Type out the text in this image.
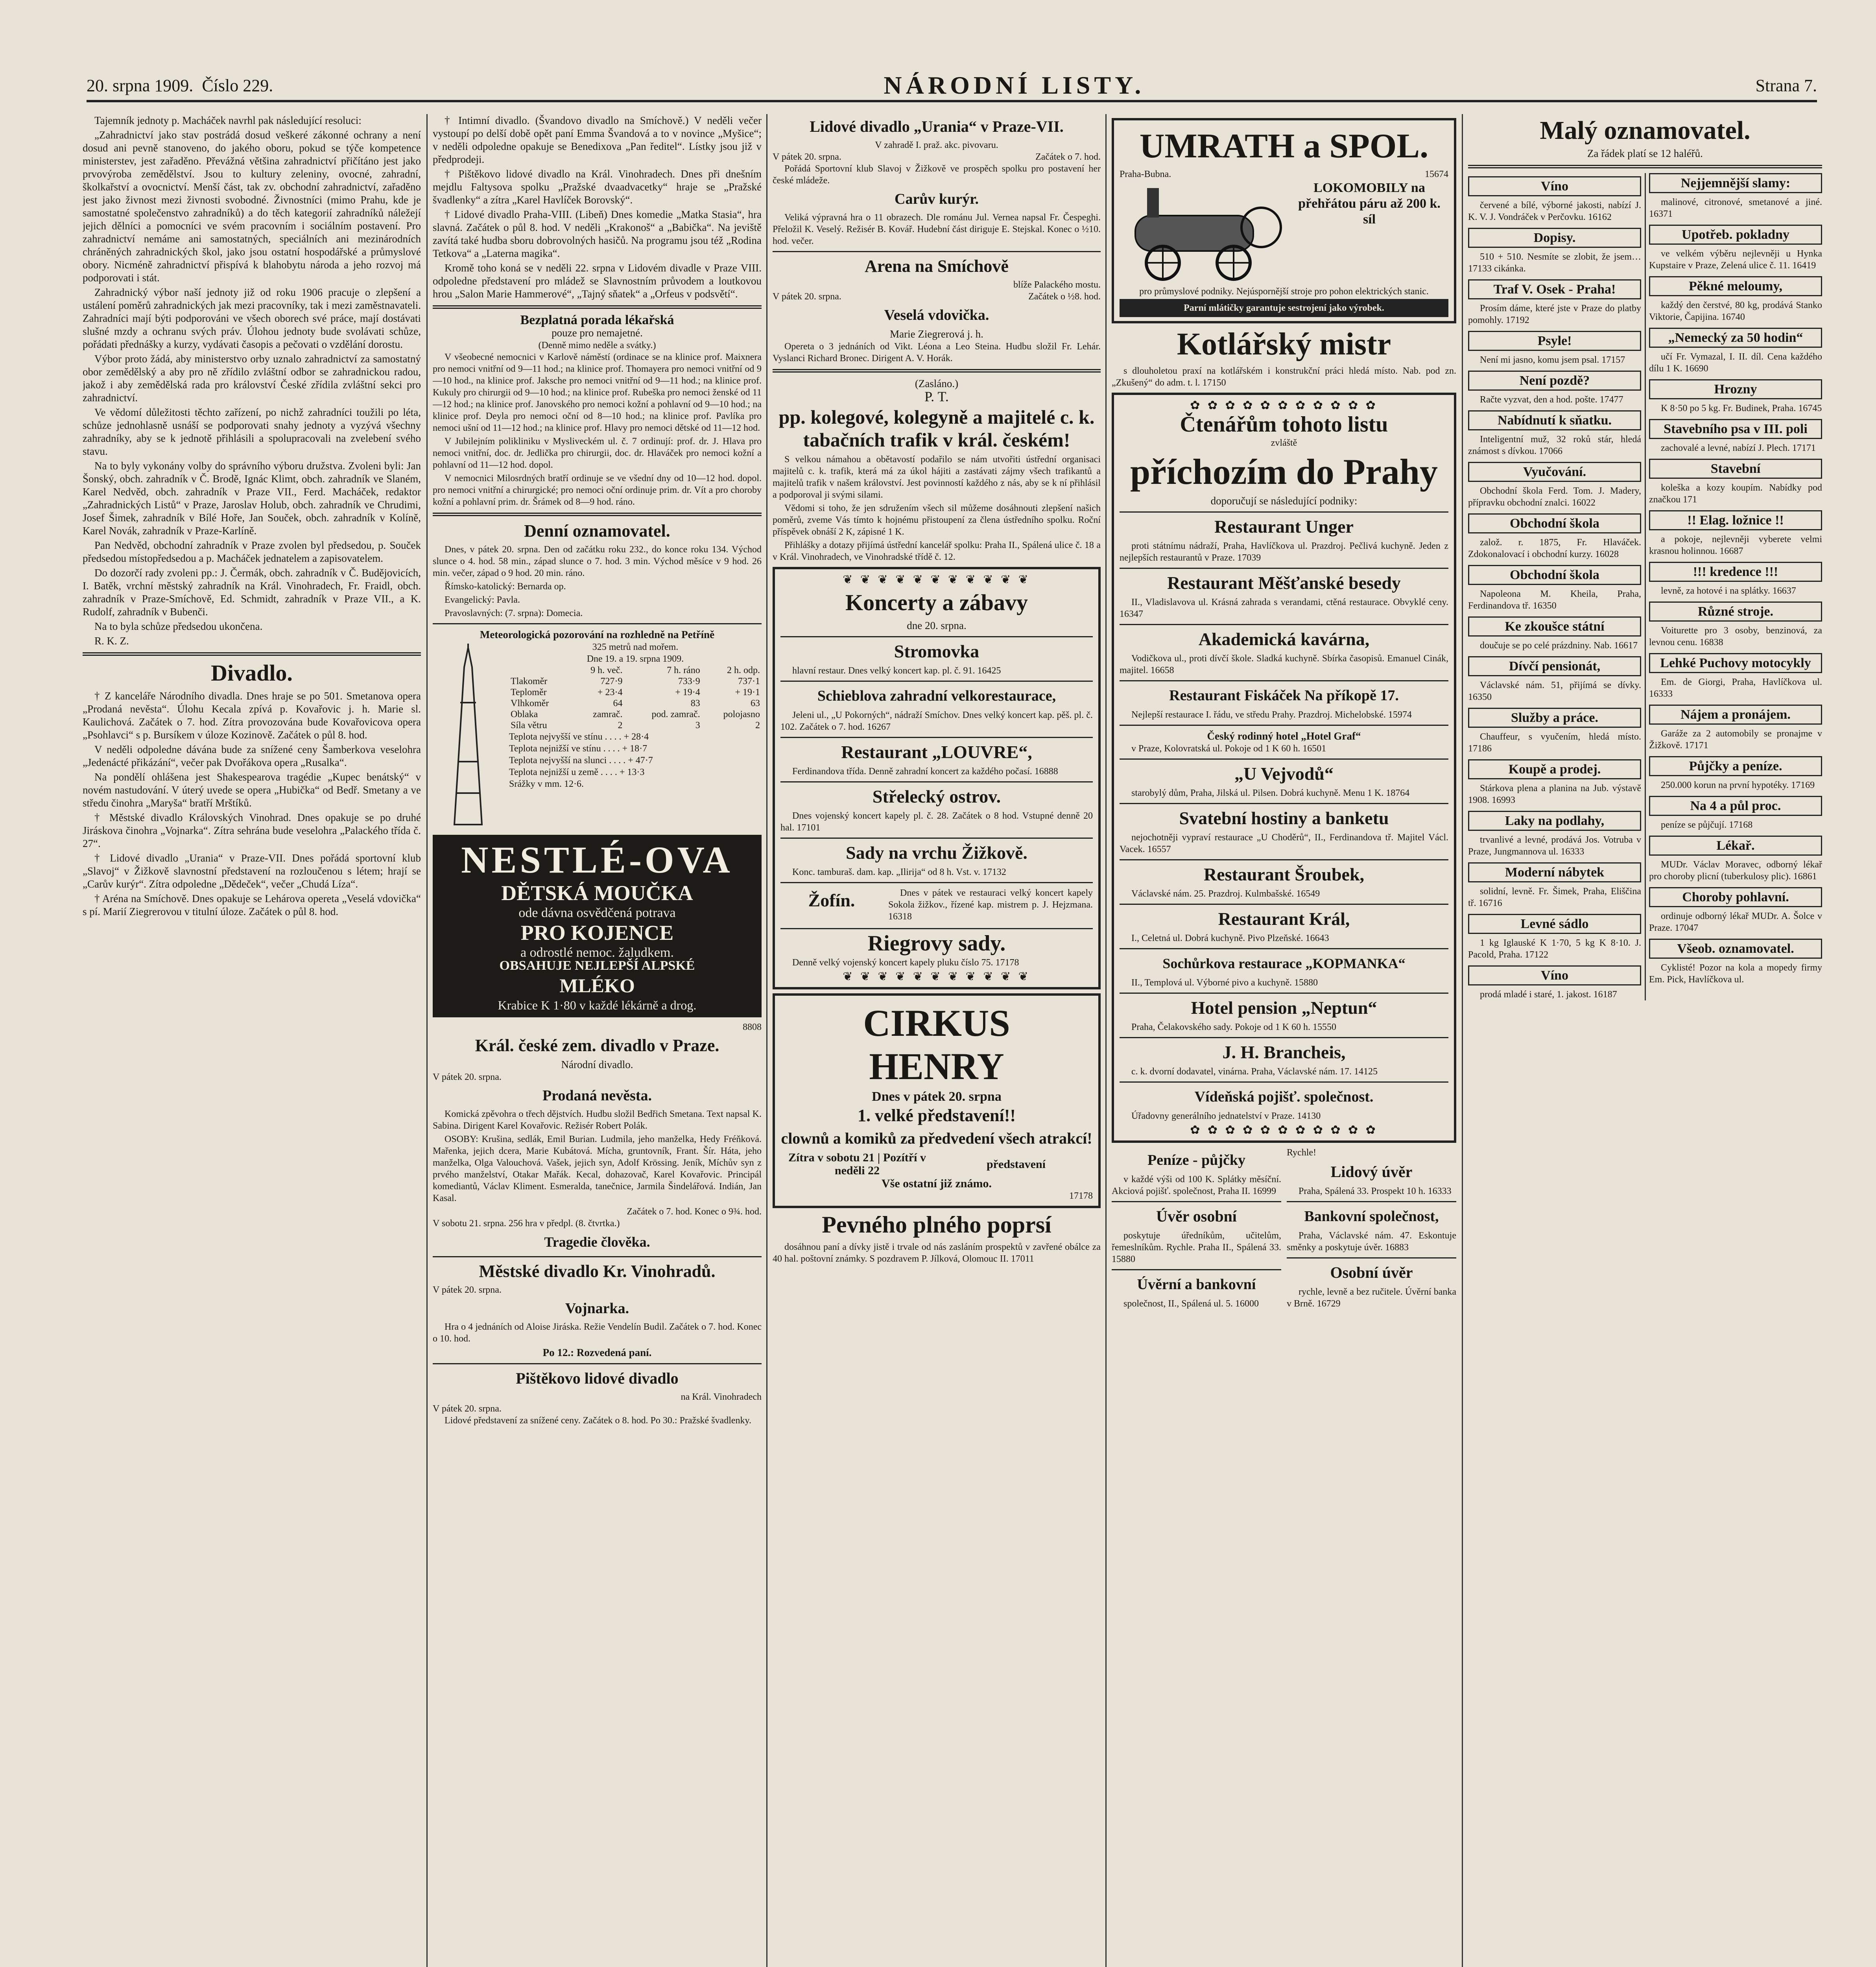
20. srpna 1909. Číslo 229.	NÁRODNÍ LISTY.	Strana 7.

Tajemník jednoty p. Macháček navrhl pak následující resoluci:

„Zahradnictví jako stav postrádá dosud veškeré zákonné ochrany a není dosud ani pevně stanoveno, do jakého oboru, pokud se týče kompetence ministerstev, jest zařaděno. Převážná většina zahradnictví přičítáno jest jako prvovýroba zemědělství. Jsou to kultury zeleniny, ovocné, zahradní, školkařství a ovocnictví. Menší část, tak zv. obchodní zahradnictví, zařaděno jest jako živnost mezi živnosti svobodné. Živnostníci (mimo Prahu, kde je samostatné společenstvo zahradníků) a do těch kategorií zahradníků náležejí jejich dělníci a pomocníci ve svém pracovním i sociálním postavení. Pro zahradnictví nemáme ani samostatných, speciálních ani mezinárodních chráněných zahradnických škol, jako jsou ostatní hospodářské a průmyslové obory. Nicméně zahradnictví přispívá k blahobytu národa a jeho rozvoj má podporovati i stát.

Zahradnický výbor naší jednoty již od roku 1906 pracuje o zlepšení a ustálení poměrů zahradnických jak mezi pracovníky, tak i mezi zaměstnavateli. Zahradníci mají býti podporováni ve všech oborech své práce, mají dostávati slušné mzdy a ochranu svých práv. Úlohou jednoty bude svolávati schůze, pořádati přednášky a kurzy, vydávati časopis a pečovati o vzdělání dorostu.

Výbor proto žádá, aby ministerstvo orby uznalo zahradnictví za samostatný obor zemědělský a aby pro ně zřídilo zvláštní odbor se zahradnickou radou, jakož i aby zemědělská rada pro království České zřídila zvláštní sekci pro zahradnictví.

Ve vědomí důležitosti těchto zařízení, po nichž zahradníci toužili po léta, schůze jednohlasně usnáší se podporovati snahy jednoty a vyzývá všechny zahradníky, aby se k jednotě přihlásili a spolupracovali na zvelebení svého stavu.

Na to byly vykonány volby do správního výboru družstva. Zvoleni byli: Jan Šonský, obch. zahradník v Č. Brodě, Ignác Klimt, obch. zahradník ve Slaném, Karel Nedvěd, obch. zahradník v Praze VII., Ferd. Macháček, redaktor „Zahradnických Listů“ v Praze, Jaroslav Holub, obch. zahradník ve Chrudimi, Josef Šimek, zahradník v Bílé Hoře, Jan Souček, obch. zahradník v Kolíně, Karel Novák, zahradník v Praze-Karlíně.

Pan Nedvěd, obchodní zahradník v Praze zvolen byl předsedou, p. Souček předsedou místopředsedou a p. Macháček jednatelem a zapisovatelem.

Do dozorčí rady zvoleni pp.: J. Čermák, obch. zahradník v Č. Budějovicích, I. Batěk, vrchní městský zahradník na Král. Vinohradech, Fr. Fraidl, obch. zahradník v Praze-Smíchově, Ed. Schmidt, zahradník v Praze VII., a K. Rudolf, zahradník v Bubenči.

Na to byla schůze předsedou ukončena.

R. K. Z.

Divadlo.

† Z kanceláře Národního divadla. Dnes hraje se po 501. Smetanova opera „Prodaná nevěsta“. Úlohu Kecala zpívá p. Kovařovic j. h. Marie sl. Kaulichová. Začátek o 7. hod. Zítra provozována bude Kovařovicova opera „Psohlavci“ s p. Bursíkem v úloze Kozinově. Začátek o půl 8. hod.

V neděli odpoledne dávána bude za snížené ceny Šamberkova veselohra „Jedenácté přikázání“, večer pak Dvořákova opera „Rusalka“.

Na pondělí ohlášena jest Shakespearova tragédie „Kupec benátský“ v novém nastudování. V úterý uvede se opera „Hubička“ od Bedř. Smetany a ve středu činohra „Maryša“ bratří Mrštíků.

† Městské divadlo Královských Vinohrad. Dnes opakuje se po druhé Jiráskova činohra „Vojnarka“. Zítra sehrána bude veselohra „Palackého třída č. 27“.

† Lidové divadlo „Urania“ v Praze-VII. Dnes pořádá sportovní klub „Slavoj“ v Žižkově slavnostní představení na rozloučenou s létem; hrají se „Carův kurýr“. Zítra odpoledne „Dědeček“, večer „Chudá Líza“.

† Aréna na Smíchově. Dnes opakuje se Lehárova opereta „Veselá vdovička“ s pí. Marií Ziegrerovou v titulní úloze. Začátek o půl 8. hod.

† Intimní divadlo. (Švandovo divadlo na Smíchově.) V neděli večer vystoupí po delší době opět paní Emma Švandová a to v novince „Myšice“; v neděli odpoledne opakuje se Benedixova „Pan ředitel“. Lístky jsou již v předprodeji.

† Pištěkovo lidové divadlo na Král. Vinohradech. Dnes při dnešním mejdlu Faltysova spolku „Pražské dvaadvacetky“ hraje se „Pražské švadlenky“ a zítra „Karel Havlíček Borovský“.

† Lidové divadlo Praha-VIII. (Libeň) Dnes komedie „Matka Stasia“, hra slavná. Začátek o půl 8. hod. V neděli „Krakonoš“ a „Babička“. Na jeviště zavítá také hudba sboru dobrovolných hasičů. Na programu jsou též „Rodina Tetkova“ a „Laterna magika“.

Kromě toho koná se v neděli 22. srpna v Lidovém divadle v Praze VIII. odpoledne představení pro mládež se Slavnostním průvodem a loutkovou hrou „Salon Marie Hammerové“, „Tajný sňatek“ a „Orfeus v podsvětí“.

Bezplatná porada lékařská
pouze pro nemajetné.
(Denně mimo neděle a svátky.)

V všeobecné nemocnici v Karlově náměstí (ordinace se na klinice prof. Maixnera pro nemoci vnitřní od 9—11 hod.; na klinice prof. Thomayera pro nemoci vnitřní od 9—10 hod., na klinice prof. Jaksche pro nemoci vnitřní od 9—11 hod.; na klinice prof. Kukuly pro chirurgii od 9—10 hod.; na klinice prof. Rubeška pro nemoci ženské od 11—12 hod.; na klinice prof. Janovského pro nemoci kožní a pohlavní od 9—10 hod.; na klinice prof. Deyla pro nemoci oční od 8—10 hod.; na klinice prof. Pavlíka pro nemoci ušní od 11—12 hod.; na klinice prof. Hlavy pro nemoci dětské od 11—12 hod.

V Jubilejním polikliniku v Mysliveckém ul. č. 7 ordinují: prof. dr. J. Hlava pro nemoci vnitřní, doc. dr. Jedlička pro chirurgii, doc. dr. Hlaváček pro nemoci kožní a pohlavní od 11—12 hod. dopol.

V nemocnici Milosrdných bratří ordinuje se ve všední dny od 10—12 hod. dopol. pro nemoci vnitřní a chirurgické; pro nemoci oční ordinuje prim. dr. Vít a pro choroby kožní a pohlavní prim. dr. Šrámek od 8—9 hod. ráno.

Denní oznamovatel.

Dnes, v pátek 20. srpna. Den od začátku roku 232., do konce roku 134. Východ slunce o 4. hod. 58 min., západ slunce o 7. hod. 3 min. Východ měsíce v 9 hod. 26 min. večer, západ o 9 hod. 20 min. ráno.

Římsko-katolický: Bernarda op.

Evangelický: Pavla.

Pravoslavných: (7. srpna): Domecia.

Meteorologická pozorování na rozhledně na Petříně
325 metrů nad mořem.
Dne 19. a 19. srpna 1909.
	9 h. več.	7 h. ráno	2 h. odp.
Tlakoměr	727·9	733·9	737·1
Teploměr	+ 23·4	+ 19·4	+ 19·1
Vlhkoměr	64	83	63
Oblaka	zamrač.	pod. zamrač.	polojasno
Síla větru	2	3	2
Teplota nejvyšší ve stínu . . . . + 28·4
Teplota nejnižší ve stínu . . . . + 18·7
Teplota nejvyšší na slunci . . . . + 47·7
Teplota nejnižší u země . . . . + 13·3
Srážky v mm. 12·6.
NESTLÉ-OVA
DĚTSKÁ MOUČKA
ode dávna osvědčená potrava
PRO KOJENCE
a odrostlé nemoc. žaludkem.
OBSAHUJE NEJLEPŠÍ ALPSKÉ
MLÉKO
Krabice K 1·80 v každé lékárně a drog.
8808
Král. české zem. divadlo v Praze.
Národní divadlo.
V pátek 20. srpna.
Prodaná nevěsta.

Komická zpěvohra o třech dějstvích. Hudbu složil Bedřich Smetana. Text napsal K. Sabina. Dirigent Karel Kovařovic. Režisér Robert Polák.

OSOBY: Krušina, sedlák, Emil Burian. Ludmila, jeho manželka, Hedy Fréňková. Mařenka, jejich dcera, Marie Kubátová. Mícha, gruntovník, Frant. Šír. Háta, jeho manželka, Olga Valouchová. Vašek, jejich syn, Adolf Krössing. Jeník, Míchův syn z prvého manželství, Otakar Mařák. Kecal, dohazovač, Karel Kovařovic. Principál komediantů, Václav Kliment. Esmeralda, tanečnice, Jarmila Šindelářová. Indián, Jan Kasal.

Začátek o 7. hod. Konec o 9¾. hod.
V sobotu 21. srpna. 256 hra v předpl. (8. čtvrtka.)
Tragedie člověka.
Městské divadlo Kr. Vinohradů.
V pátek 20. srpna.
Vojnarka.

Hra o 4 jednáních od Aloise Jiráska. Režie Vendelín Budil. Začátek o 7. hod. Konec o 10. hod.

Po 12.: Rozvedená paní.
Pištěkovo lidové divadlo
na Král. Vinohradech
V pátek 20. srpna.

Lidové představení za snížené ceny. Začátek o 8. hod. Po 30.: Pražské švadlenky.

Lidové divadlo „Urania“ v Praze-VII.
V zahradě I. praž. akc. pivovaru.
V pátek 20. srpna.	Začátek o 7. hod.

Pořádá Sportovní klub Slavoj v Žižkově ve prospěch spolku pro postavení her české mládeže.

Carův kurýr.

Veliká výpravná hra o 11 obrazech. Dle románu Jul. Vernea napsal Fr. Čespeghi. Přeložil K. Veselý. Režisér B. Kovář. Hudební část diriguje E. Stejskal. Konec o ½10. hod. večer.

Arena na Smíchově
blíže Palackého mostu.
V pátek 20. srpna.	Začátek o ½8. hod.
Veselá vdovička.
Marie Ziegrerová j. h.

Opereta o 3 jednáních od Vikt. Léona a Leo Steina. Hudbu složil Fr. Lehár. Vyslanci Richard Bronec. Dirigent A. V. Horák.

(Zasláno.)
P. T.
pp. kolegové, kolegyně a majitelé c. k. tabačních trafik v král. českém!

S velkou námahou a obětavostí podařilo se nám utvořiti ústřední organisaci majitelů c. k. trafik, která má za úkol hájiti a zastávati zájmy všech trafikantů a majitelů trafik v našem království. Jest povinností každého z nás, aby se k ní přihlásil a podporoval ji svými silami.

Vědomi si toho, že jen sdružením všech sil můžeme dosáhnouti zlepšení našich poměrů, zveme Vás tímto k hojnému přistoupení za člena ústředního spolku. Roční příspěvek obnáší 2 K, zápisné 1 K.

Přihlášky a dotazy přijímá ústřední kancelář spolku: Praha II., Spálená ulice č. 18 a v Král. Vinohradech, ve Vinohradské třídě č. 12.

❦ ❦ ❦ ❦ ❦ ❦ ❦ ❦ ❦ ❦ ❦
Koncerty a zábavy
dne 20. srpna.
Stromovka

hlavní restaur. Dnes velký koncert kap. pl. č. 91. 16425

Schieblova zahradní velkorestaurace,

Jeleni ul., „U Pokorných“, nádraží Smíchov. Dnes velký koncert kap. pěš. pl. č. 102. Začátek o 7. hod. 16267

Restaurant „LOUVRE“,

Ferdinandova třída. Denně zahradní koncert za každého počasí. 16888

Střelecký ostrov.

Dnes vojenský koncert kapely pl. č. 28. Začátek o 8 hod. Vstupné denně 20 hal. 17101

Sady na vrchu Žižkově.

Konc. tamburaš. dam. kap. „Ilirija“ od 8 h. Vst. v. 17132

Žofín.	Dnes v pátek ve restauraci velký koncert kapely Sokola žižkov., řízené kap. mistrem p. J. Hejzmana. 16318

Riegrovy sady.

Denně velký vojenský koncert kapely pluku číslo 75. 17178

❦ ❦ ❦ ❦ ❦ ❦ ❦ ❦ ❦ ❦ ❦
CIRKUS
HENRY
Dnes v pátek 20. srpna
1. velké představení!!
clownů a komiků za předvedení všech atrakcí!
Zítra v sobotu 21 | Pozítří v neděli 22	představení
Vše ostatní již známo.
17178
Pevného plného poprsí

dosáhnou paní a dívky jistě i trvale od nás zasláním prospektů v zavřené obálce za 40 hal. poštovní známky. S pozdravem P. Jílková, Olomouc II. 17011

UMRATH a SPOL.
Praha-Bubna.	15674
LOKOMOBILY na přehřátou páru až 200 k. síl

pro průmyslové podniky. Nejúspornější stroje pro pohon elektrických stanic.

Parní mlátičky garantuje sestrojení jako výrobek.
Kotlářský mistr

s dlouholetou praxí na kotlářském i konstrukční práci hledá místo. Nab. pod zn. „Zkušený“ do adm. t. l. 17150

✿ ✿ ✿ ✿ ✿ ✿ ✿ ✿ ✿ ✿ ✿
Čtenářům tohoto listu
zvláště
příchozím do Prahy
doporučují se následující podniky:
Restaurant Unger

proti státnímu nádraží, Praha, Havlíčkova ul. Prazdroj. Pečlivá kuchyně. Jeden z nejlepších restaurantů v Praze. 17039

Restaurant Měšťanské besedy

II., Vladislavova ul. Krásná zahrada s verandami, ctěná restaurace. Obvyklé ceny. 16347

Akademická kavárna,

Vodičkova ul., proti dívčí škole. Sladká kuchyně. Sbírka časopisů. Emanuel Cinák, majitel. 16658

Restaurant Fiskáček Na příkopě 17.

Nejlepší restaurace I. řádu, ve středu Prahy. Prazdroj. Michelobské. 15974

Český rodinný hotel „Hotel Graf“

v Praze, Kolovratská ul. Pokoje od 1 K 60 h. 16501

„U Vejvodů“

starobylý dům, Praha, Jilská ul. Pilsen. Dobrá kuchyně. Menu 1 K. 18764

Svatební hostiny a banketu

nejochotněji vypraví restaurace „U Choděrů“, II., Ferdinandova tř. Majitel Václ. Vacek. 16557

Restaurant Šroubek,

Václavské nám. 25. Prazdroj. Kulmbašské. 16549

Restaurant Král,

I., Celetná ul. Dobrá kuchyně. Pivo Plzeňské. 16643

Sochůrkova restaurace „KOPMANKA“

II., Templová ul. Výborné pivo a kuchyně. 15880

Hotel pension „Neptun“

Praha, Čelakovského sady. Pokoje od 1 K 60 h. 15550

J. H. Brancheis,

c. k. dvorní dodavatel, vinárna. Praha, Václavské nám. 17. 14125

Vídeňská pojišť. společnost.

Úřadovny generálního jednatelství v Praze. 14130

✿ ✿ ✿ ✿ ✿ ✿ ✿ ✿ ✿ ✿ ✿
Peníze - půjčky

v každé výši od 100 K. Splátky měsíční. Akciová pojišť. společnost, Praha II. 16999

Úvěr osobní

poskytuje úředníkům, učitelům, řemeslníkům. Rychle. Praha II., Spálená 33. 15880

Úvěrní a bankovní

společnost, II., Spálená ul. 5. 16000

Rychle!
Lidový úvěr

Praha, Spálená 33. Prospekt 10 h. 16333

Bankovní společnost,

Praha, Václavské nám. 47. Eskontuje směnky a poskytuje úvěr. 16883

Osobní úvěr

rychle, levně a bez ručitele. Úvěrní banka v Brně. 16729

Malý oznamovatel.
Za řádek platí se 12 haléřů.
Víno

červené a bílé, výborné jakosti, nabízí J. K. V. J. Vondráček v Perčovku. 16162

Dopisy.

510 + 510. Nesmíte se zlobit, že jsem… 17133 cikánka.

Traf V. Osek - Praha!

Prosím dáme, které jste v Praze do platby pomohly. 17192

Psyle!

Není mi jasno, komu jsem psal. 17157

Není pozdě?

Račte vyzvat, den a hod. pošte. 17477

Nabídnutí k sňatku.

Inteligentní muž, 32 roků stár, hledá známost s dívkou. 17066

Vyučování.

Obchodní škola Ferd. Tom. J. Madery, přípravku obchodní znalci. 16022

Obchodní škola

založ. r. 1875, Fr. Hlaváček. Zdokonalovací i obchodní kurzy. 16028

Obchodní škola

Napoleona M. Kheila, Praha, Ferdinandova tř. 16350

Ke zkoušce státní

doučuje se po celé prázdniny. Nab. 16617

Dívčí pensionát,

Václavské nám. 51, přijímá se dívky. 16350

Služby a práce.

Chauffeur, s vyučením, hledá místo. 17186

Koupě a prodej.

Stárkova plena a planina na Jub. výstavě 1908. 16993

Laky na podlahy,

trvanlivé a levné, prodává Jos. Votruba v Praze, Jungmannova ul. 16333

Moderní nábytek

solidní, levně. Fr. Šimek, Praha, Eliščina tř. 16716

Levné sádlo

1 kg Iglauské K 1·70, 5 kg K 8·10. J. Pacold, Praha. 17122

Víno

prodá mladé i staré, 1. jakost. 16187

Nejjemnější slamy:

malinové, citronové, smetanové a jiné. 16371

Upotřeb. pokladny

ve velkém výběru nejlevněji u Hynka Kupstaire v Praze, Zelená ulice č. 11. 16419

Pěkné meloumy,

každý den čerstvé, 80 kg, prodává Stanko Viktorie, Čapijina. 16740

„Nemecký za 50 hodin“

učí Fr. Vymazal, I. II. díl. Cena každého dílu 1 K. 16690

Hrozny

K 8·50 po 5 kg. Fr. Budinek, Praha. 16745

Stavebního psa v III. poli

zachovalé a levné, nabízí J. Plech. 17171

Stavební

koleška a kozy koupím. Nabídky pod značkou 171

!! Elag. ložnice !!

a pokoje, nejlevněji vyberete velmi krasnou holinnou. 16687

!!! kredence !!!

levně, za hotové i na splátky. 16637

Různé stroje.

Voiturette pro 3 osoby, benzinová, za levnou cenu. 16838

Lehké Puchovy motocykly

Em. de Giorgi, Praha, Havlíčkova ul. 16333

Nájem a pronájem.

Garáže za 2 automobily se pronajme v Žižkově. 17171

Půjčky a peníze.

250.000 korun na první hypotéky. 17169

Na 4 a půl proc.

peníze se půjčují. 17168

Lékař.

MUDr. Václav Moravec, odborný lékař pro choroby plicní (tuberkulosy plic). 16861

Choroby pohlavní.

ordinuje odborný lékař MUDr. A. Šolce v Praze. 17047

Všeob. oznamovatel.

Cyklisté! Pozor na kola a mopedy firmy Em. Pick, Havlíčkova ul.
